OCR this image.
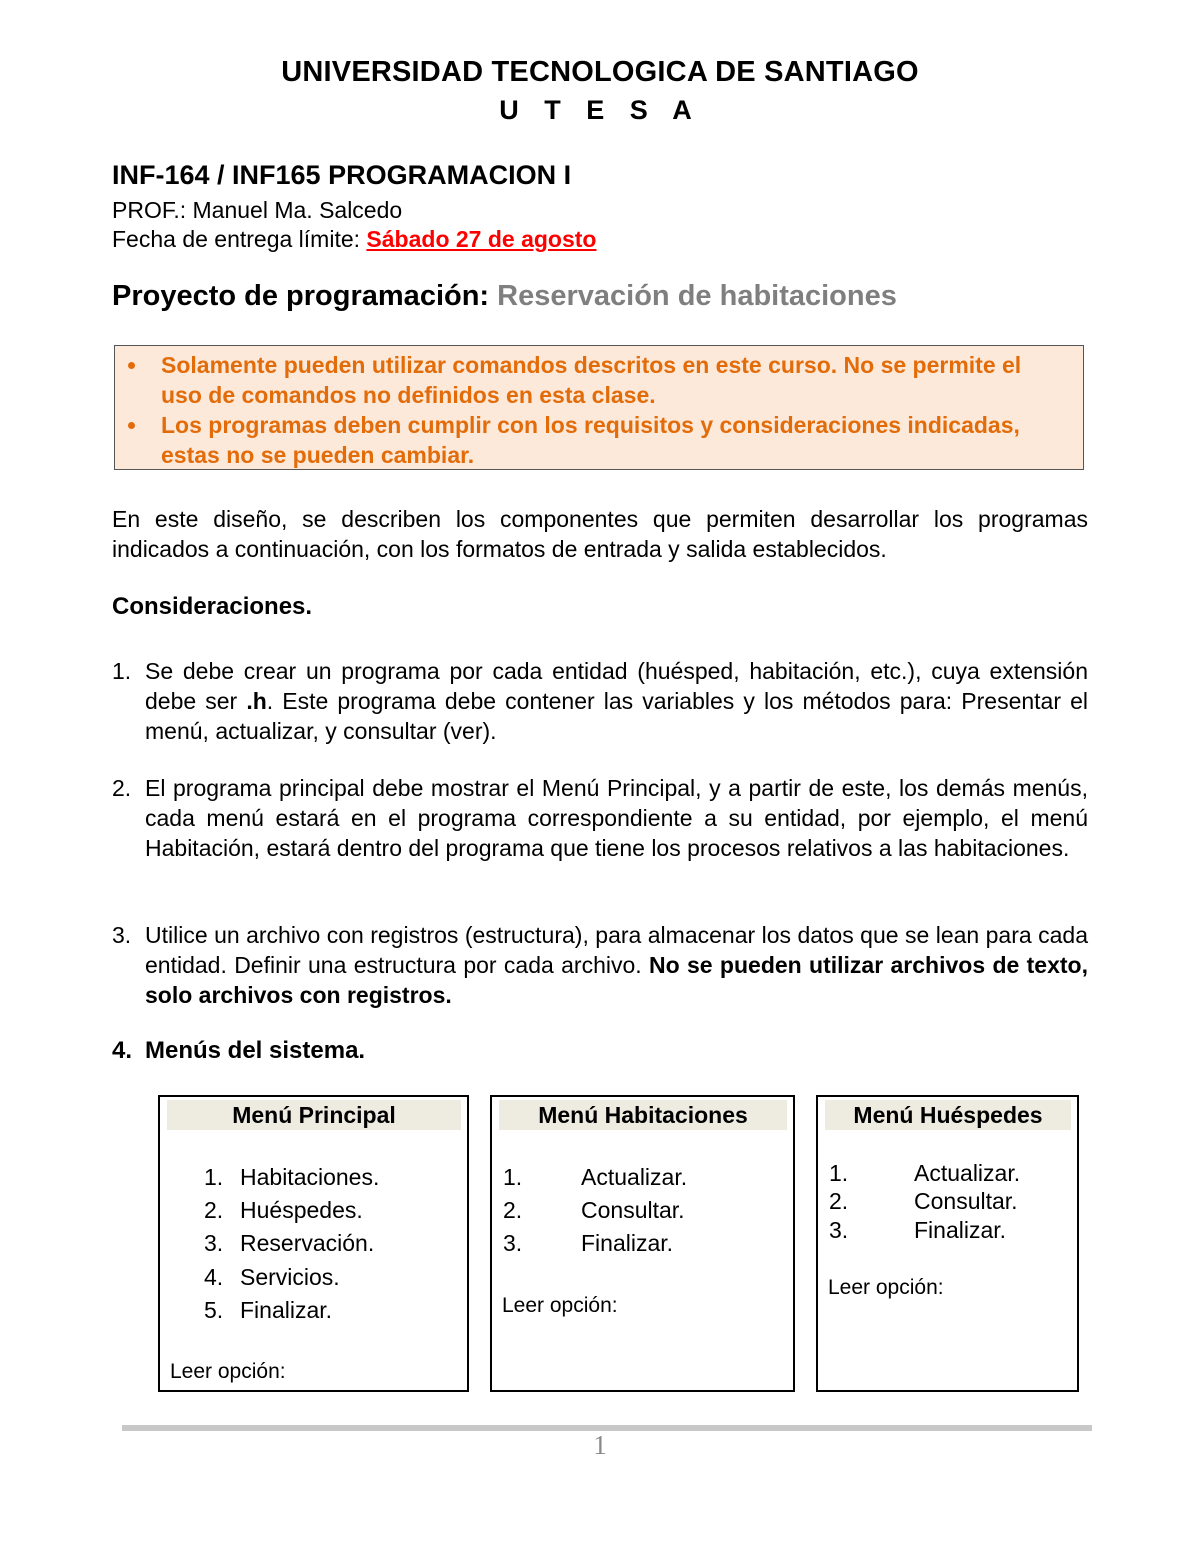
UNIVERSIDAD TECNOLOGICA DE SANTIAGO
U T E S A
INF-164 / INF165 PROGRAMACION I
PROF.: Manuel Ma. Salcedo
Fecha de entrega límite: Sábado 27 de agosto
Proyecto de programación: Reservación de habitaciones
Solamente pueden utilizar comandos descritos en este curso. No se permite el uso de comandos no definidos en esta clase.
Los programas deben cumplir con los requisitos y consideraciones indicadas, estas no se pueden cambiar.
En este diseño, se describen los componentes que permiten desarrollar los programas indicados a continuación, con los formatos de entrada y salida establecidos.
Consideraciones.
1. Se debe crear un programa por cada entidad (huésped, habitación, etc.), cuya extensión debe ser .h. Este programa debe contener las variables y los métodos para: Presentar el menú, actualizar, y consultar (ver).
2. El programa principal debe mostrar el Menú Principal, y a partir de este, los demás menús, cada menú estará en el programa correspondiente a su entidad, por ejemplo, el menú Habitación, estará dentro del programa que tiene los procesos relativos a las habitaciones.
3. Utilice un archivo con registros (estructura), para almacenar los datos que se lean para cada entidad. Definir una estructura por cada archivo. No se pueden utilizar archivos de texto, solo archivos con registros.
4. Menús del sistema.
Menú Principal
1. Habitaciones.
2. Huéspedes.
3. Reservación.
4. Servicios.
5. Finalizar.
Leer opción:
Menú Habitaciones
1.	Actualizar.
2.	Consultar.
3.	Finalizar.
Leer opción:
Menú Huéspedes
1.	Actualizar.
2.	Consultar.
3.	Finalizar.
Leer opción:
1
